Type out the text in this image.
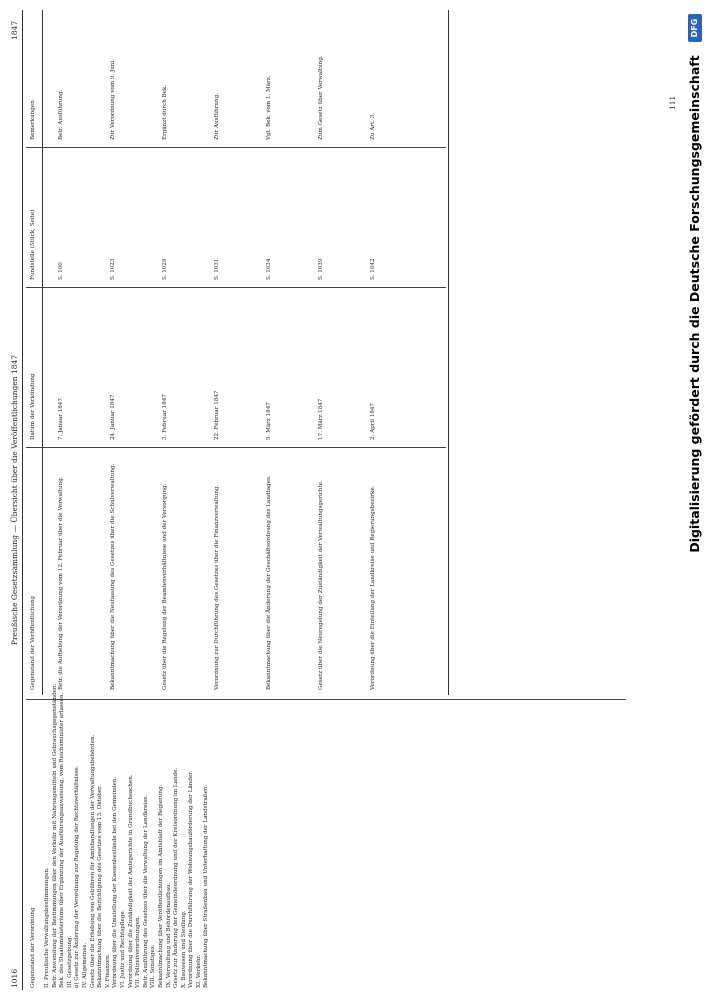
1016
Preußische Gesetzsammlung — Übersicht über die Veröffentlichungen 1847
1847
Gegenstand der Verordnung II. Preußische Verwaltungsbestimmungen. Betr. Anwendung der Bestimmungen über den Verkehr mit Nahrungsmitteln und Gebrauchsgegenständen. Bek. des Staatsministeriums über Ergänzung der Ausführungsanweisung, vom Reichsminister erlassen. III. Gesetzgebung. a) Gesetz zur Änderung der Verordnung zur Regelung der Rechtsverhältnisse. IV. Allgemeines. Gesetz über die Erhebung von Gebühren für Amtshandlungen der Verwaltungsbehörden. Bekanntmachung über die Berichtigung des Gesetzes vom 13. Oktober. V. Finanzen. Verordnung über die Umstellung der Kassenbestände bei den Gemeinden. VI. Justiz und Rechtspflege. Verordnung über die Zuständigkeit der Amtsgerichte in Grundbuchsachen. VII. Polizeiverordnungen. Betr. Ausführung des Gesetzes über die Verwaltung der Landkreise. VIII. Sonstiges. Bekanntmachung über Veröffentlichungen im Amtsblatt der Regierung. IX. Verwaltung und Behördenaufbau. Gesetz zur Änderung der Gemeindeordnung und der Kreisordnung im Lande. X. Bauwesen und Siedlung. Verordnung über die Durchführung der Wohnungsbauförderung der Länder. XI. Verkehr. Bekanntmachung über Straßenbau und Unterhaltung der Landstraßen.
Gegenstand der Veröffentlichung
Datum der Verkündung
Fundstelle (Stück, Seite)
Bemerkungen
Betr. die Aufhebung der Verordnung vom 12. Februar über die Verwaltung.
7. Januar 1847
S. 100
Betr. Ausführung.
Bekanntmachung über die Neufassung des Gesetzes über die Schulverwaltung.
24. Januar 1847
S. 1023
Zur Verordnung vom 9. Juni.
Gesetz über die Regelung der Beamtenverhältnisse und der Versorgung.
3. Februar 1847
S. 1029
Ergänzt durch Bek.
Verordnung zur Durchführung des Gesetzes über die Finanzverwaltung.
22. Februar 1847
S. 1031
Zur Ausführung.
Bekanntmachung über die Änderung der Geschäftsordnung des Landtages.
5. März 1847
S. 1034
Vgl. Bek. vom 1. März.
Gesetz über die Neuregelung der Zuständigkeit der Verwaltungsgerichte.
17. März 1847
S. 1039
Zum Gesetz über Verwaltung.
Verordnung über die Einteilung der Landkreise und Regierungsbezirke.
2. April 1847
S. 1042
Zu Art. 3.
111 Digitalisierung gefördert durch die Deutsche Forschungsgemeinschaft
DFG
